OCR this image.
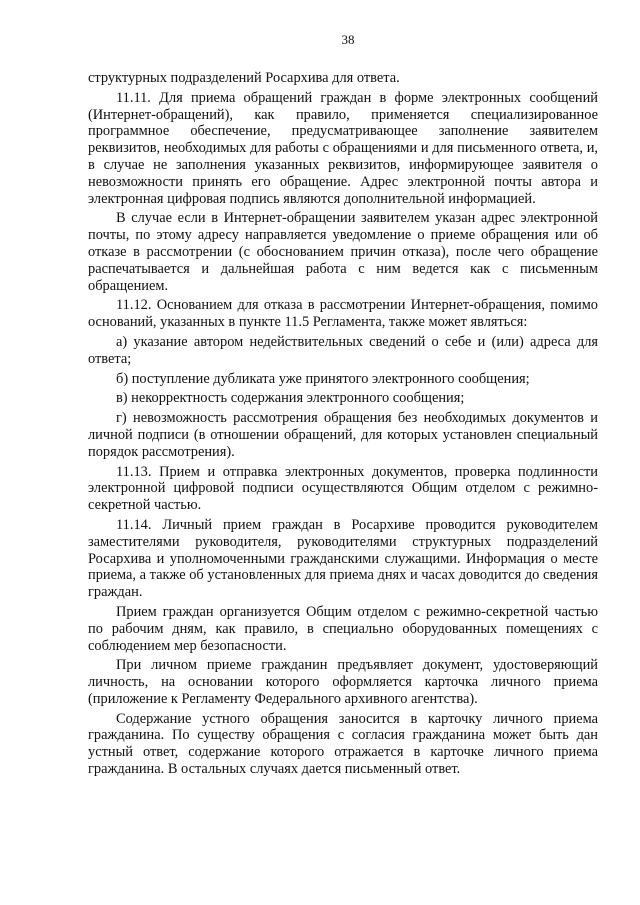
38

структурных подразделений Росархива для ответа.

11.11. Для приема обращений граждан в форме электронных сообщений (Интернет-обращений), как правило, применяется специализированное программное обеспечение, предусматривающее заполнение заявителем реквизитов, необходимых для работы с обращениями и для письменного ответа, и, в случае не заполнения указанных реквизитов, информирующее заявителя о невозможности принять его обращение. Адрес электронной почты автора и электронная цифровая подпись являются дополнительной информацией.

В случае если в Интернет-обращении заявителем указан адрес электронной почты, по этому адресу направляется уведомление о приеме обращения или об отказе в рассмотрении (с обоснованием причин отказа), после чего обращение распечатывается и дальнейшая работа с ним ведется как с письменным обращением.

11.12. Основанием для отказа в рассмотрении Интернет-обращения, помимо оснований, указанных в пункте 11.5 Регламента, также может являться:

а) указание автором недействительных сведений о себе и (или) адреса для ответа;

б) поступление дубликата уже принятого электронного сообщения;

в) некорректность содержания электронного сообщения;

г) невозможность рассмотрения обращения без необходимых документов и личной подписи (в отношении обращений, для которых установлен специальный порядок рассмотрения).

11.13. Прием и отправка электронных документов, проверка подлинности электронной цифровой подписи осуществляются Общим отделом с режимно-секретной частью.

11.14. Личный прием граждан в Росархиве проводится руководителем заместителями руководителя, руководителями структурных подразделений Росархива и уполномоченными гражданскими служащими. Информация о месте приема, а также об установленных для приема днях и часах доводится до сведения граждан.

Прием граждан организуется Общим отделом с режимно-секретной частью по рабочим дням, как правило, в специально оборудованных помещениях с соблюдением мер безопасности.

При личном приеме гражданин предъявляет документ, удостоверяющий личность, на основании которого оформляется карточка личного приема (приложение к Регламенту Федерального архивного агентства).

Содержание устного обращения заносится в карточку личного приема гражданина. По существу обращения с согласия гражданина может быть дан устный ответ, содержание которого отражается в карточке личного приема гражданина. В остальных случаях дается письменный ответ.
